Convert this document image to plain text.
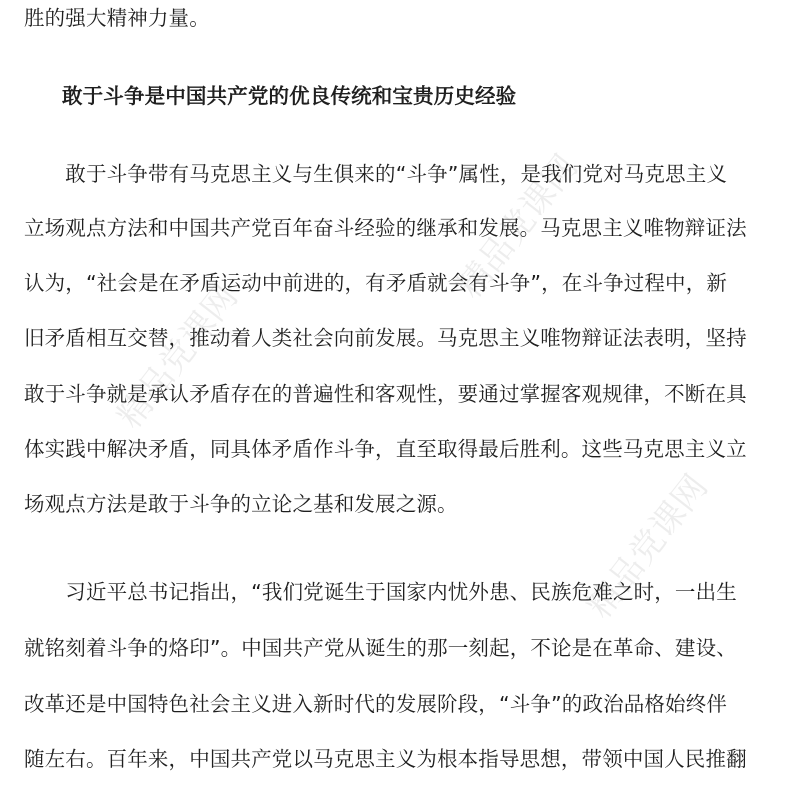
精品党课网
精品党课网
精品党课网
胜的强大精神力量。
敢于斗争是中国共产党的优良传统和宝贵历史经验
　　敢于斗争带有马克思主义与生俱来的“斗争”属性，是我们党对马克思主义
立场观点方法和中国共产党百年奋斗经验的继承和发展。马克思主义唯物辩证法
认为，“社会是在矛盾运动中前进的，有矛盾就会有斗争”，在斗争过程中，新
旧矛盾相互交替，推动着人类社会向前发展。马克思主义唯物辩证法表明，坚持
敢于斗争就是承认矛盾存在的普遍性和客观性，要通过掌握客观规律，不断在具
体实践中解决矛盾，同具体矛盾作斗争，直至取得最后胜利。这些马克思主义立
场观点方法是敢于斗争的立论之基和发展之源。
　　习近平总书记指出，“我们党诞生于国家内忧外患、民族危难之时，一出生
就铭刻着斗争的烙印”。中国共产党从诞生的那一刻起，不论是在革命、建设、
改革还是中国特色社会主义进入新时代的发展阶段，“斗争”的政治品格始终伴
随左右。百年来，中国共产党以马克思主义为根本指导思想，带领中国人民推翻
